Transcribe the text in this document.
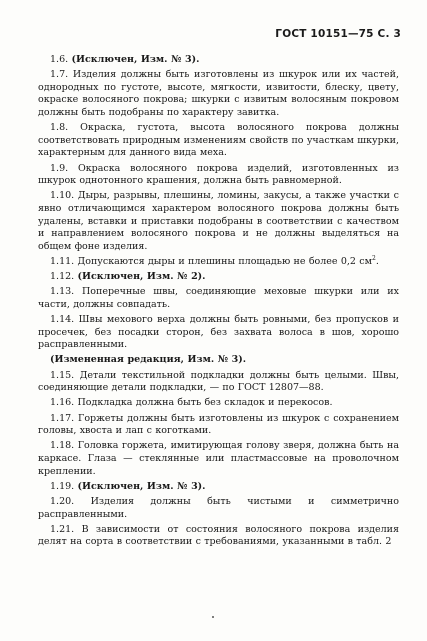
ГОСТ 10151—75 С. 3

1.6. (Исключен, Изм. № 3).

1.7. Изделия должны быть изготовлены из шкурок или их частей, однородных по густоте, высоте, мягкости, извитости, блеску, цвету, окраске волосяного покрова; шкурки с извитым волосяным покровом должны быть подобраны по характеру завитка.

1.8. Окраска, густота, высота волосяного покрова должны соответствовать природным изменениям свойств по участкам шкурки, характерным для данного вида меха.

1.9. Окраска волосяного покрова изделий, изготовленных из шкурок однотонного крашения, должна быть равномерной.

1.10. Дыры, разрывы, плешины, ломины, закусы, а также участки с явно отличающимся характером волосяного покрова должны быть удалены, вставки и приставки подобраны в соответствии с качеством и направлением волосяного покрова и не должны выделяться на общем фоне изделия.

1.11. Допускаются дыры и плешины площадью не более 0,2 $см^2$.

1.12. (Исключен, Изм. № 2).

1.13. Поперечные швы, соединяющие меховые шкурки или их части, должны совпадать.

1.14. Швы мехового верха должны быть ровными, без пропусков и просечек, без посадки сторон, без захвата волоса в шов, хорошо расправленными.

(Измененная редакция, Изм. № 3).

1.15. Детали текстильной подкладки должны быть целыми. Швы, соединяющие детали подкладки, — по ГОСТ 12807—88.

1.16. Подкладка должна быть без складок и перекосов.

1.17. Горжеты должны быть изготовлены из шкурок с сохранением головы, хвоста и лап с коготками.

1.18. Головка горжета, имитирующая голову зверя, должна быть на каркасе. Глаза — стеклянные или пластмассовые на проволочном креплении.

1.19. (Исключен, Изм. № 3).

1.20. Изделия должны быть чистыми и симметрично расправленными.

1.21. В зависимости от состояния волосяного покрова изделия делят на сорта в соответствии с требованиями, указанными в табл. 2
